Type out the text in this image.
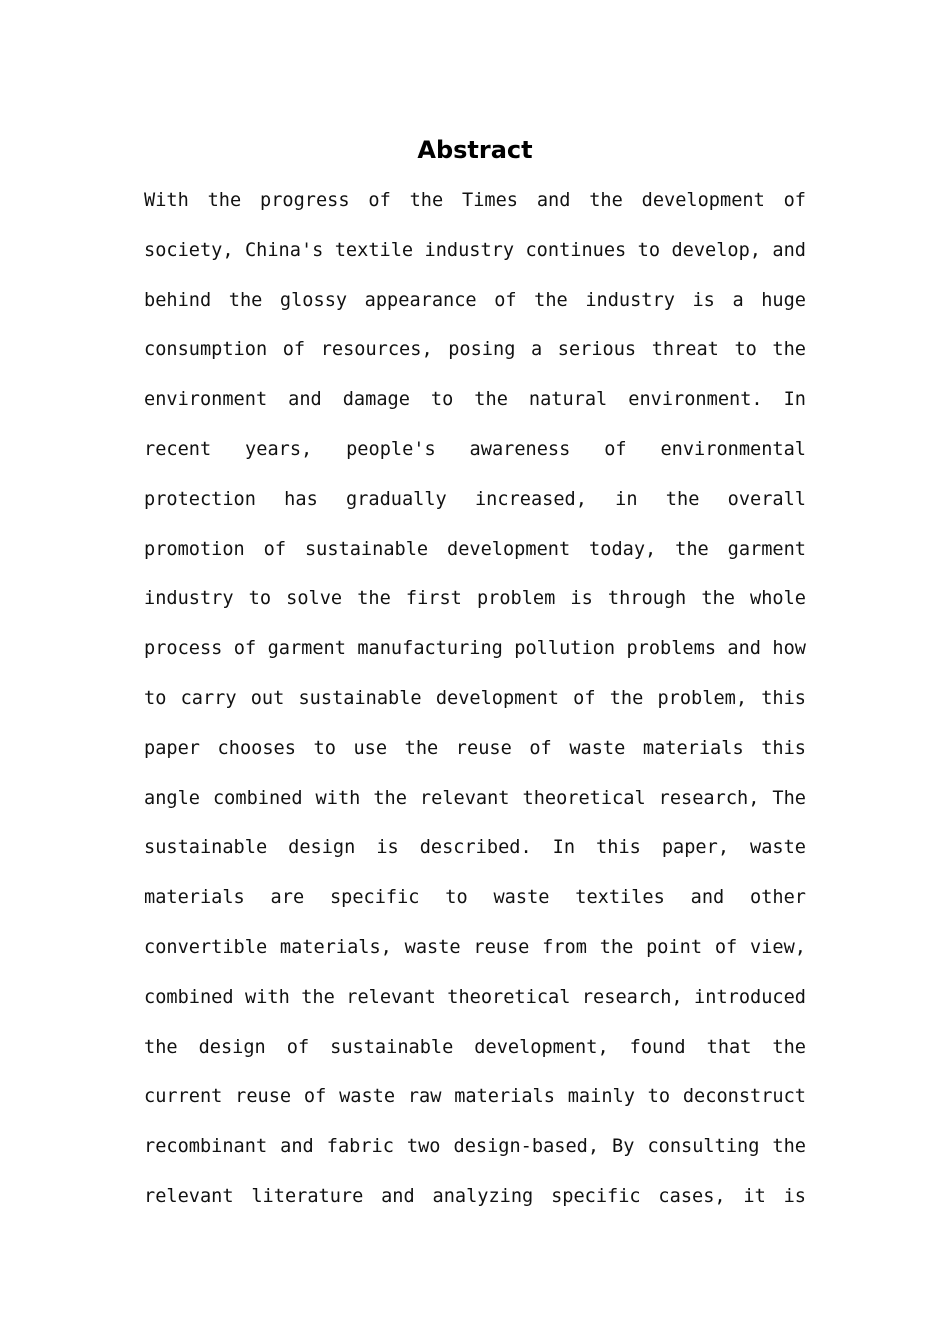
Abstract
With the progress of the Times and the development of
society, China's textile industry continues to develop, and
behind the glossy appearance of the industry is a huge
consumption of resources, posing a serious threat to the
environment and damage to the natural environment. In
recent years, people's awareness of environmental
protection has gradually increased, in the overall
promotion of sustainable development today, the garment
industry to solve the first problem is through the whole
process of garment manufacturing pollution problems and how
to carry out sustainable development of the problem, this
paper chooses to use the reuse of waste materials this
angle combined with the relevant theoretical research, The
sustainable design is described. In this paper, waste
materials are specific to waste textiles and other
convertible materials, waste reuse from the point of view,
combined with the relevant theoretical research, introduced
the design of sustainable development, found that the
current reuse of waste raw materials mainly to deconstruct
recombinant and fabric two design-based, By consulting the
relevant literature and analyzing specific cases, it is
